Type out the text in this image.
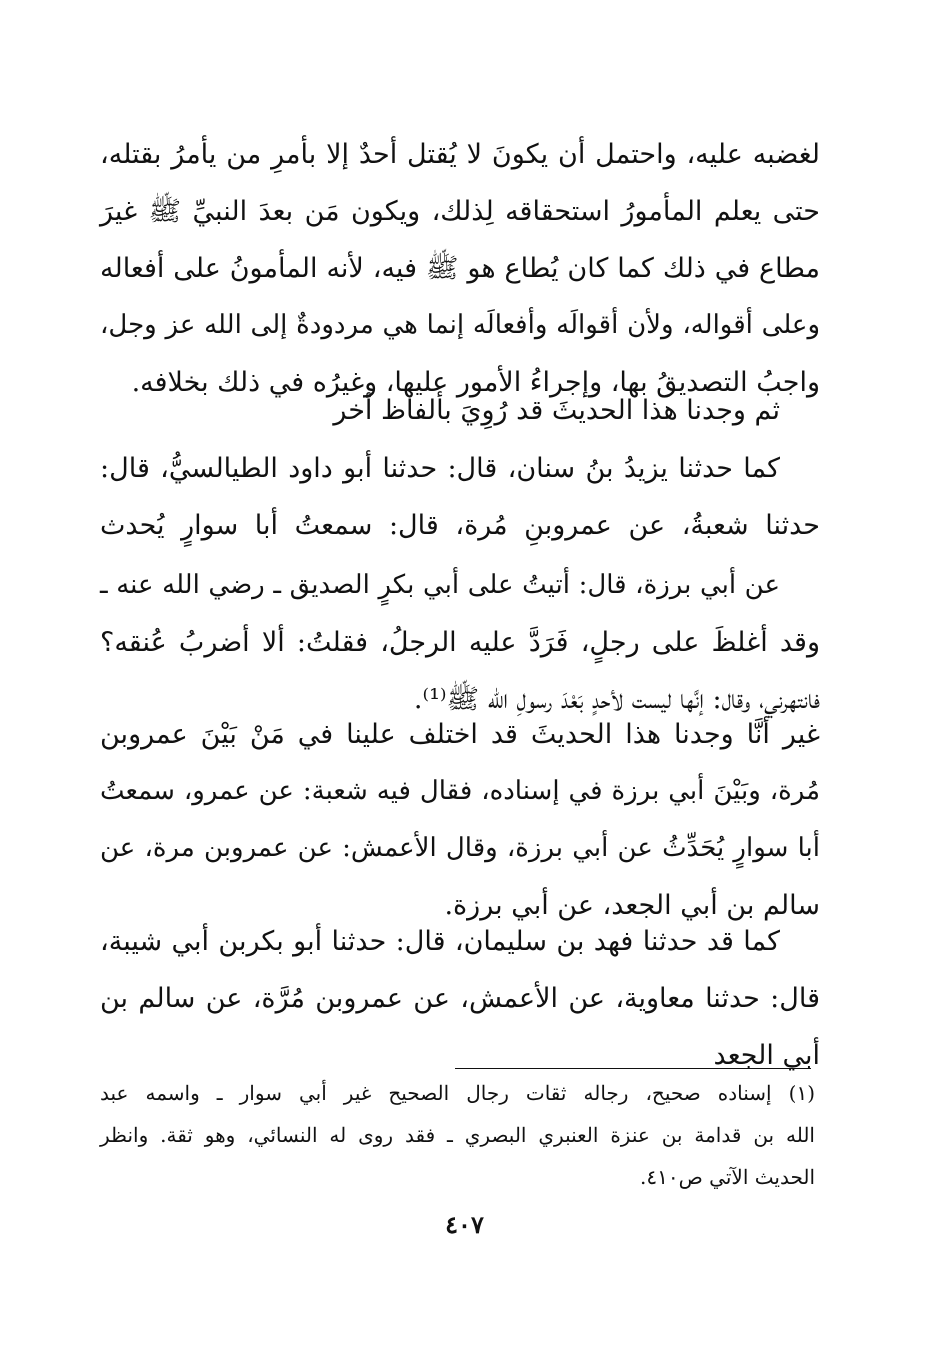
لغضبه عليه، واحتمل أن يكونَ لا يُقتل أحدٌ إلا بأمرِ من يأمرُ بقتله،
حتى يعلم المأمورُ استحقاقه لِذلك، ويكون مَن بعدَ النبيِّ ﷺ غيرَ
مطاع في ذلك كما كان يُطاع هو ﷺ فيه، لأنه المأمونُ على أفعاله
وعلى أقواله، ولأن أقوالَه وأفعالَه إنما هي مردودةٌ إلى الله عز وجل،
واجبُ التصديقُ بها، وإجراءُ الأمور عليها، وغيرُه في ذلك بخلافه.
ثم وجدنا هذا الحديثَ قد رُوِيَ بألفاظ أخر
كما حدثنا يزيدُ بنُ سنان، قال: حدثنا أبو داود الطيالسيُّ، قال:
حدثنا شعبةُ، عن عمروبنِ مُرة، قال: سمعتُ أبا سوارٍ يُحدث
عن أبي برزة، قال: أتيتُ على أبي بكرٍ الصديق ـ رضي الله عنه ـ
وقد أغلظَ على رجلٍ، فَرَدَّ عليه الرجلُ، فقلتُ: ألا أضربُ عُنقه؟
فانتهرني، وقال: إنَّها ليست لأحدٍ بَعْدَ رسولِ الله ﷺ⁽¹⁾.
غير أنَّا وجدنا هذا الحديثَ قد اختلف علينا في مَنْ بَيْنَ عمروبن
مُرة، وبَيْنَ أبي برزة في إسناده، فقال فيه شعبة: عن عمرو، سمعتُ
أبا سوارٍ يُحَدِّثُ عن أبي برزة، وقال الأعمش: عن عمروبن مرة، عن
سالم بن أبي الجعد، عن أبي برزة.
كما قد حدثنا فهد بن سليمان، قال: حدثنا أبو بكربن أبي شيبة،
قال: حدثنا معاوية، عن الأعمش، عن عمروبن مُرَّة، عن سالم بن
أبي الجعد
(١) إسناده صحيح، رجاله ثقات رجال الصحيح غير أبي سوار ـ واسمه عبد
الله بن قدامة بن عنزة العنبري البصري ـ فقد روى له النسائي، وهو ثقة. وانظر
الحديث الآتي ص٤١٠.
٤٠٧
